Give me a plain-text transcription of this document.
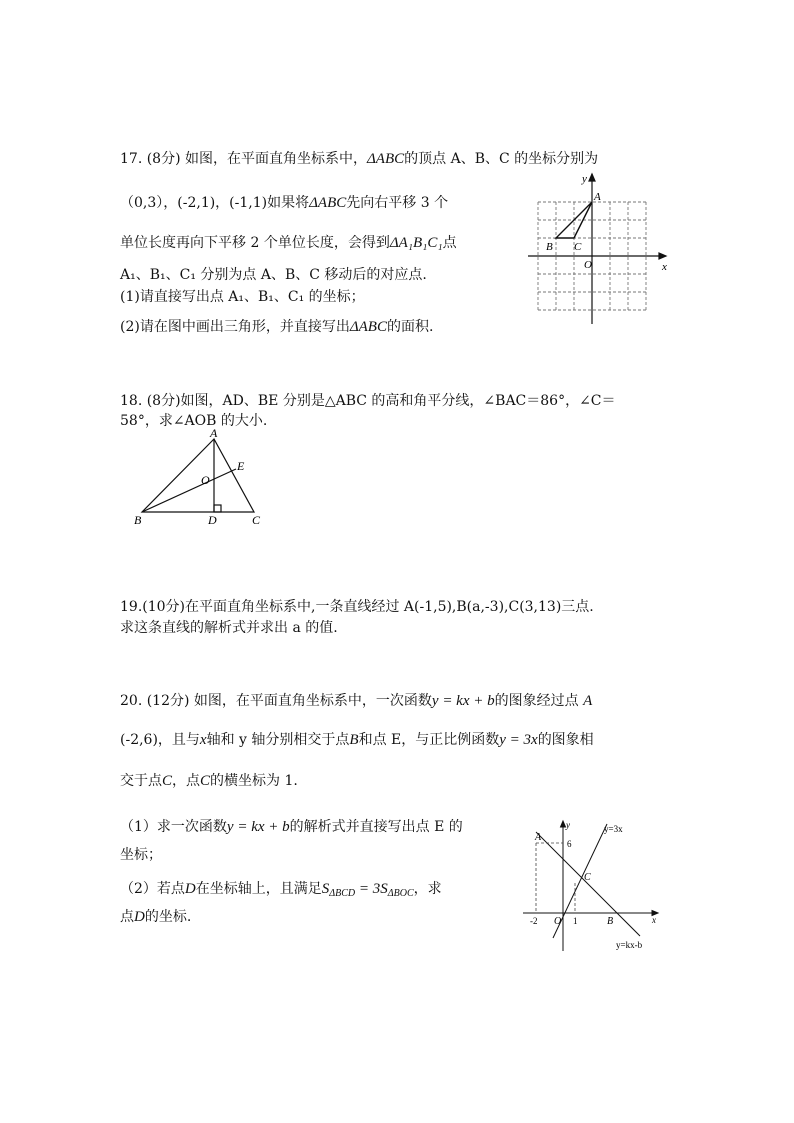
17. (8分) 如图，在平面直角坐标系中，ΔABC的顶点 A、B、C 的坐标分别为
（0,3），(-2,1)，(-1,1)如果将ΔABC先向右平移 3 个
单位长度再向下平移 2 个单位长度，会得到ΔA₁B₁C₁点
A₁、B₁、C₁ 分别为点 A、B、C 移动后的对应点.
(1)请直接写出点 A₁、B₁、C₁ 的坐标；
(2)请在图中画出三角形，并直接写出ΔABC的面积.
x
y
O
A
B C
18. (8分)如图，AD、BE 分别是△ABC 的高和角平分线，∠BAC＝86°，∠C＝
58°，求∠AOB 的大小.
A
B	C
D
E
O
19.(10分)在平面直角坐标系中,一条直线经过 A(-1,5),B(a,-3),C(3,13)三点.
求这条直线的解析式并求出 a 的值.
20. (12分) 如图，在平面直角坐标系中，一次函数y = kx + b的图象经过点 A
(-2,6)，且与x轴和 y 轴分别相交于点B和点 E，与正比例函数y = 3x的图象相
交于点C，点C的横坐标为 1.
（1）求一次函数y = kx + b的解析式并直接写出点 E 的
坐标；
（2）若点D在坐标轴上，且满足$S_{\Delta BCD} = 3S_{\Delta BOC}$，求
点D的坐标.
y=3x
y=kx-b
6
-2	1	x
y
O
A
B
C
